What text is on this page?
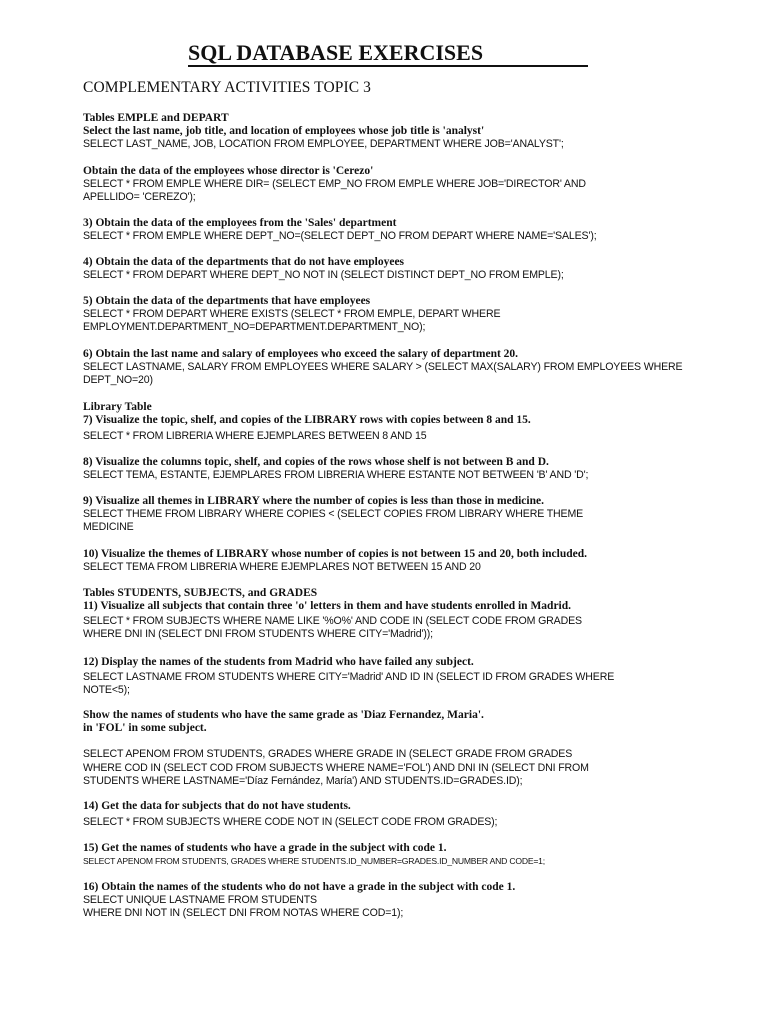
SQL DATABASE EXERCISES
COMPLEMENTARY ACTIVITIES TOPIC 3
Tables EMPLE and DEPART
Select the last name, job title, and location of employees whose job title is 'analyst'
SELECT LAST_NAME, JOB, LOCATION FROM EMPLOYEE, DEPARTMENT WHERE JOB='ANALYST';
Obtain the data of the employees whose director is 'Cerezo'
SELECT * FROM EMPLE WHERE DIR= (SELECT EMP_NO FROM EMPLE WHERE JOB='DIRECTOR' AND
APELLIDO= 'CEREZO');
3) Obtain the data of the employees from the 'Sales' department
SELECT * FROM EMPLE WHERE DEPT_NO=(SELECT DEPT_NO FROM DEPART WHERE NAME='SALES');
4) Obtain the data of the departments that do not have employees
SELECT * FROM DEPART WHERE DEPT_NO NOT IN (SELECT DISTINCT DEPT_NO FROM EMPLE);
5) Obtain the data of the departments that have employees
SELECT * FROM DEPART WHERE EXISTS (SELECT * FROM EMPLE, DEPART WHERE
EMPLOYMENT.DEPARTMENT_NO=DEPARTMENT.DEPARTMENT_NO);
6) Obtain the last name and salary of employees who exceed the salary of department 20.
SELECT LASTNAME, SALARY FROM EMPLOYEES WHERE SALARY > (SELECT MAX(SALARY) FROM EMPLOYEES WHERE
DEPT_NO=20)
Library Table
7) Visualize the topic, shelf, and copies of the LIBRARY rows with copies between 8 and 15.
SELECT * FROM LIBRERIA WHERE EJEMPLARES BETWEEN 8 AND 15
8) Visualize the columns topic, shelf, and copies of the rows whose shelf is not between B and D.
SELECT TEMA, ESTANTE, EJEMPLARES FROM LIBRERIA WHERE ESTANTE NOT BETWEEN 'B' AND 'D';
9) Visualize all themes in LIBRARY where the number of copies is less than those in medicine.
SELECT THEME FROM LIBRARY WHERE COPIES < (SELECT COPIES FROM LIBRARY WHERE THEME
MEDICINE
10) Visualize the themes of LIBRARY whose number of copies is not between 15 and 20, both included.
SELECT TEMA FROM LIBRERIA WHERE EJEMPLARES NOT BETWEEN 15 AND 20
Tables STUDENTS, SUBJECTS, and GRADES
11) Visualize all subjects that contain three 'o' letters in them and have students enrolled in Madrid.
SELECT * FROM SUBJECTS WHERE NAME LIKE '%O%' AND CODE IN (SELECT CODE FROM GRADES
WHERE DNI IN (SELECT DNI FROM STUDENTS WHERE CITY='Madrid'));
12) Display the names of the students from Madrid who have failed any subject.
SELECT LASTNAME FROM STUDENTS WHERE CITY='Madrid' AND ID IN (SELECT ID FROM GRADES WHERE
NOTE<5);
Show the names of students who have the same grade as 'Diaz Fernandez, Maria'.
in 'FOL' in some subject.

SELECT APENOM FROM STUDENTS, GRADES WHERE GRADE IN (SELECT GRADE FROM GRADES
WHERE COD IN (SELECT COD FROM SUBJECTS WHERE NAME='FOL') AND DNI IN (SELECT DNI FROM
STUDENTS WHERE LASTNAME='Díaz Fernández, María') AND STUDENTS.ID=GRADES.ID);
14) Get the data for subjects that do not have students.
SELECT * FROM SUBJECTS WHERE CODE NOT IN (SELECT CODE FROM GRADES);
15) Get the names of students who have a grade in the subject with code 1.
SELECT APENOM FROM STUDENTS, GRADES WHERE STUDENTS.ID_NUMBER=GRADES.ID_NUMBER AND CODE=1;
16) Obtain the names of the students who do not have a grade in the subject with code 1.
SELECT UNIQUE LASTNAME FROM STUDENTS
WHERE DNI NOT IN (SELECT DNI FROM NOTAS WHERE COD=1);
